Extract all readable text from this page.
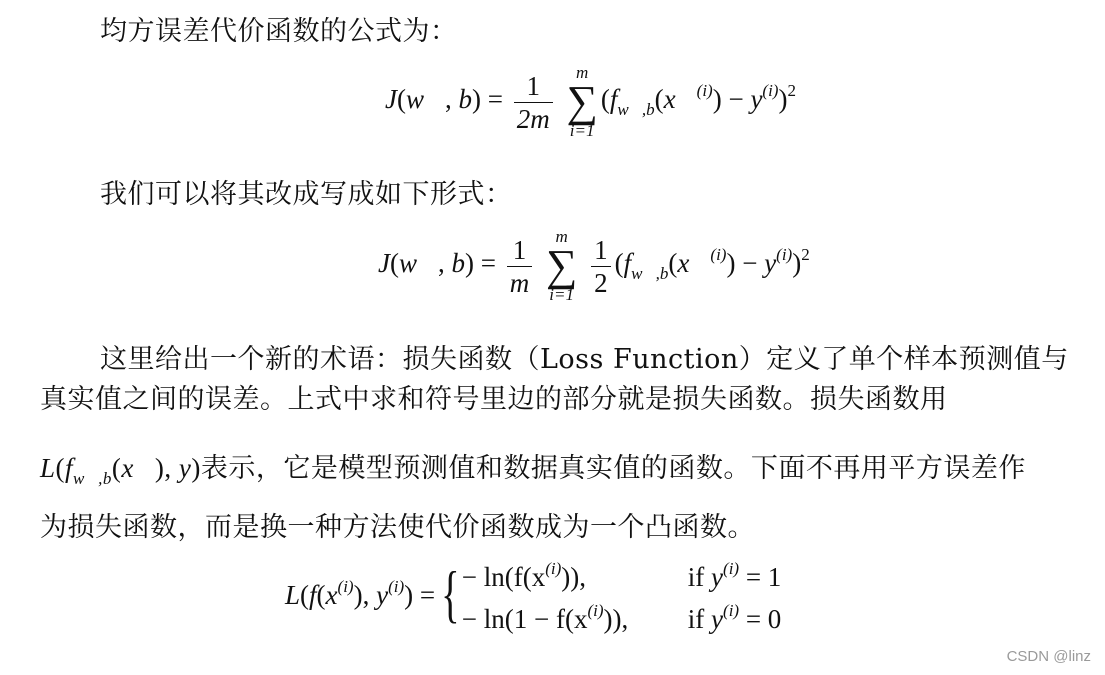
均方误差代价函数的公式为：
J(w⃗, $b) = \frac{1}{2m}$
m
∑
i=1
$(f_{w⃗,b}(x⃗^{(i)}) - y^{(i)})^2$
我们可以将其改成写成如下形式：
J(w⃗, $b) = \frac{1}{m}$
m
∑
i=1
$\frac{1}{2}$ $(f_{w⃗,b}(x⃗^{(i)}) - y^{(i)})^2$
这里给出一个新的术语：损失函数（Loss Function）定义了单个样本预测值与真实值之间的误差。上式中求和符号里边的部分就是损失函数。损失函数用
$L(f_{w⃗,b}(x⃗)$, y)表示，它是模型预测值和数据真实值的函数。下面不再用平方误差作
为损失函数，而是换一种方法使代价函数成为一个凸函数。
$L(f(x^{(i)})$, $y^{(i)}$) = { − $\ln(f(x^{(i)}))$,	if $y^{(i)} = 1$
− $\ln(1 - f(x^{(i)}))$,	if $y^{(i)} = 0$
CSDN @linz
